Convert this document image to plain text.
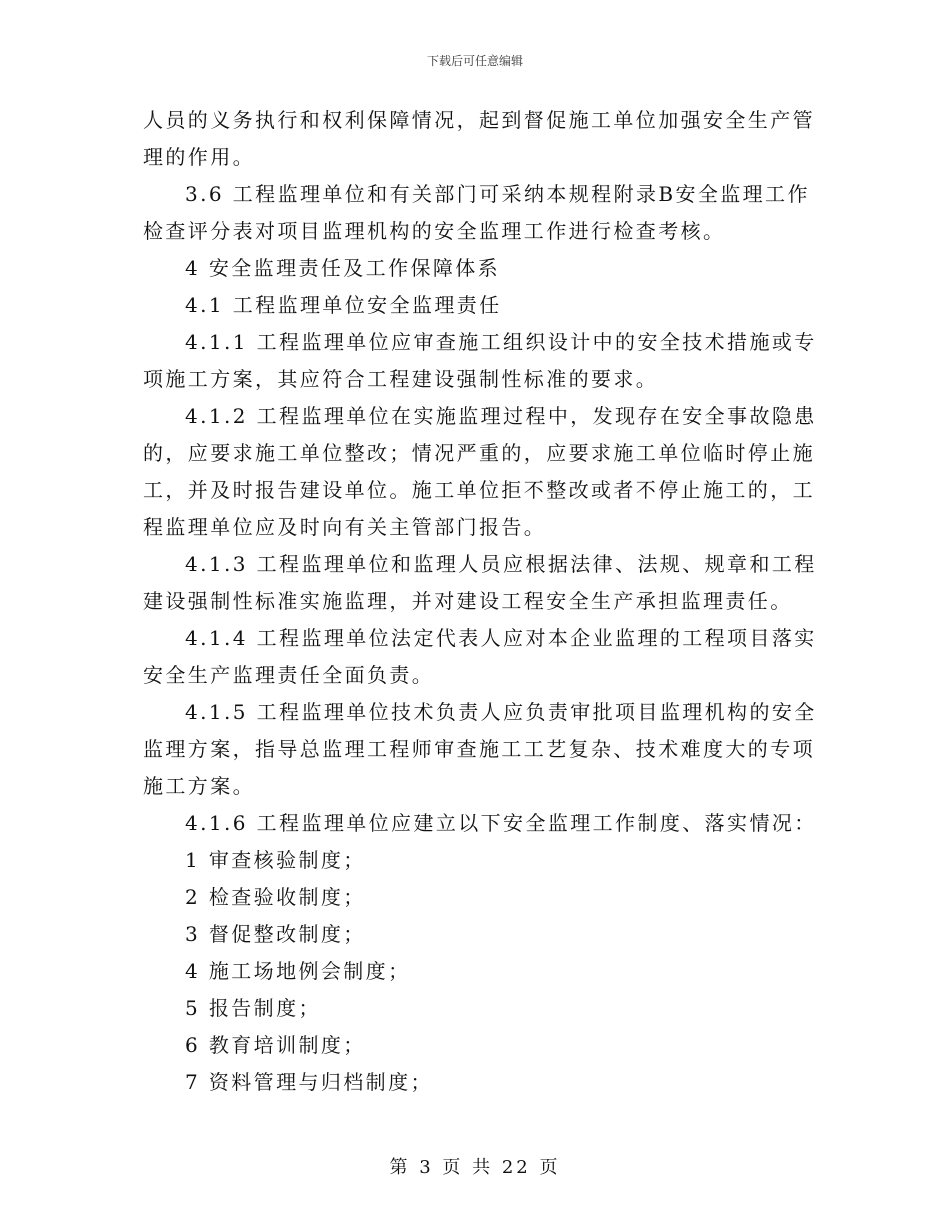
下载后可任意编辑
人员的义务执行和权利保障情况，起到督促施工单位加强安全生产管
理的作用。
3.6 工程监理单位和有关部门可采纳本规程附录B安全监理工作
检查评分表对项目监理机构的安全监理工作进行检查考核。
4 安全监理责任及工作保障体系
4.1 工程监理单位安全监理责任
4.1.1 工程监理单位应审查施工组织设计中的安全技术措施或专
项施工方案，其应符合工程建设强制性标准的要求。
4.1.2 工程监理单位在实施监理过程中，发现存在安全事故隐患
的，应要求施工单位整改；情况严重的，应要求施工单位临时停止施
工，并及时报告建设单位。施工单位拒不整改或者不停止施工的，工
程监理单位应及时向有关主管部门报告。
4.1.3 工程监理单位和监理人员应根据法律、法规、规章和工程
建设强制性标准实施监理，并对建设工程安全生产承担监理责任。
4.1.4 工程监理单位法定代表人应对本企业监理的工程项目落实
安全生产监理责任全面负责。
4.1.5 工程监理单位技术负责人应负责审批项目监理机构的安全
监理方案，指导总监理工程师审查施工工艺复杂、技术难度大的专项
施工方案。
4.1.6 工程监理单位应建立以下安全监理工作制度、落实情况：
1 审查核验制度；
2 检查验收制度；
3 督促整改制度；
4 施工场地例会制度；
5 报告制度；
6 教育培训制度；
7 资料管理与归档制度；
第 3 页 共 22 页
